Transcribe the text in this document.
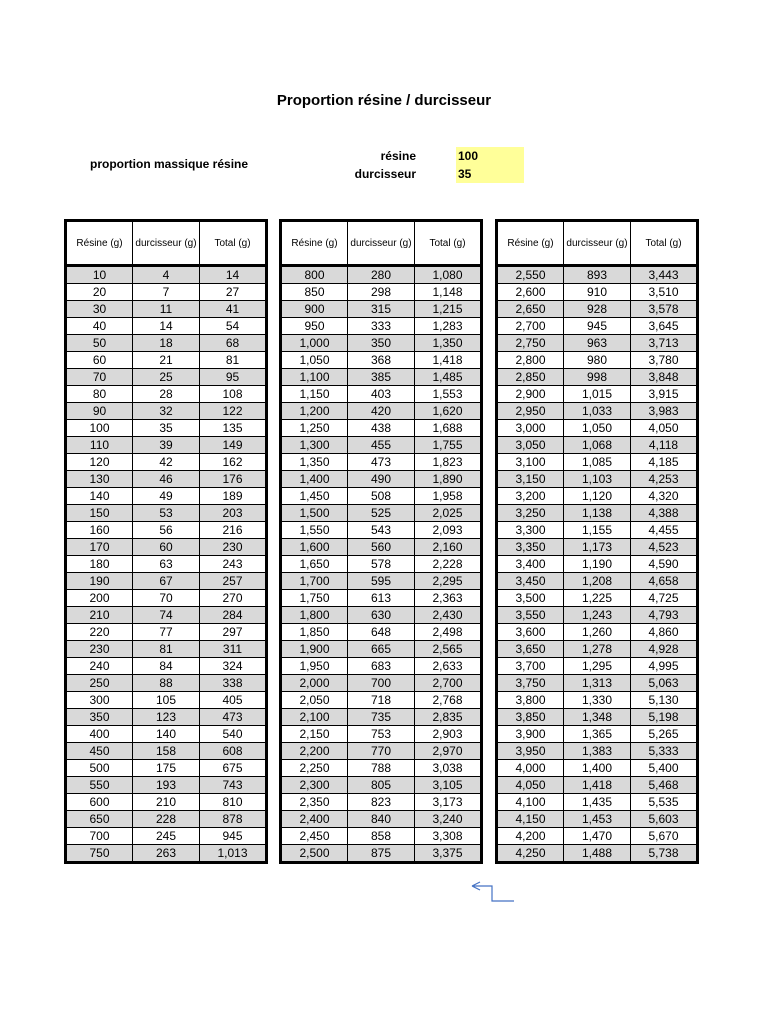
Proportion résine / durcisseur
proportion massique résine
résine	100
durcisseur	35
Résine (g)	durcisseur (g)	Total (g)
10	4	14
20	7	27
30	11	41
40	14	54
50	18	68
60	21	81
70	25	95
80	28	108
90	32	122
100	35	135
110	39	149
120	42	162
130	46	176
140	49	189
150	53	203
160	56	216
170	60	230
180	63	243
190	67	257
200	70	270
210	74	284
220	77	297
230	81	311
240	84	324
250	88	338
300	105	405
350	123	473
400	140	540
450	158	608
500	175	675
550	193	743
600	210	810
650	228	878
700	245	945
750	263	1,013
Résine (g)	durcisseur (g)	Total (g)
800	280	1,080
850	298	1,148
900	315	1,215
950	333	1,283
1,000	350	1,350
1,050	368	1,418
1,100	385	1,485
1,150	403	1,553
1,200	420	1,620
1,250	438	1,688
1,300	455	1,755
1,350	473	1,823
1,400	490	1,890
1,450	508	1,958
1,500	525	2,025
1,550	543	2,093
1,600	560	2,160
1,650	578	2,228
1,700	595	2,295
1,750	613	2,363
1,800	630	2,430
1,850	648	2,498
1,900	665	2,565
1,950	683	2,633
2,000	700	2,700
2,050	718	2,768
2,100	735	2,835
2,150	753	2,903
2,200	770	2,970
2,250	788	3,038
2,300	805	3,105
2,350	823	3,173
2,400	840	3,240
2,450	858	3,308
2,500	875	3,375
Résine (g)	durcisseur (g)	Total (g)
2,550	893	3,443
2,600	910	3,510
2,650	928	3,578
2,700	945	3,645
2,750	963	3,713
2,800	980	3,780
2,850	998	3,848
2,900	1,015	3,915
2,950	1,033	3,983
3,000	1,050	4,050
3,050	1,068	4,118
3,100	1,085	4,185
3,150	1,103	4,253
3,200	1,120	4,320
3,250	1,138	4,388
3,300	1,155	4,455
3,350	1,173	4,523
3,400	1,190	4,590
3,450	1,208	4,658
3,500	1,225	4,725
3,550	1,243	4,793
3,600	1,260	4,860
3,650	1,278	4,928
3,700	1,295	4,995
3,750	1,313	5,063
3,800	1,330	5,130
3,850	1,348	5,198
3,900	1,365	5,265
3,950	1,383	5,333
4,000	1,400	5,400
4,050	1,418	5,468
4,100	1,435	5,535
4,150	1,453	5,603
4,200	1,470	5,670
4,250	1,488	5,738
